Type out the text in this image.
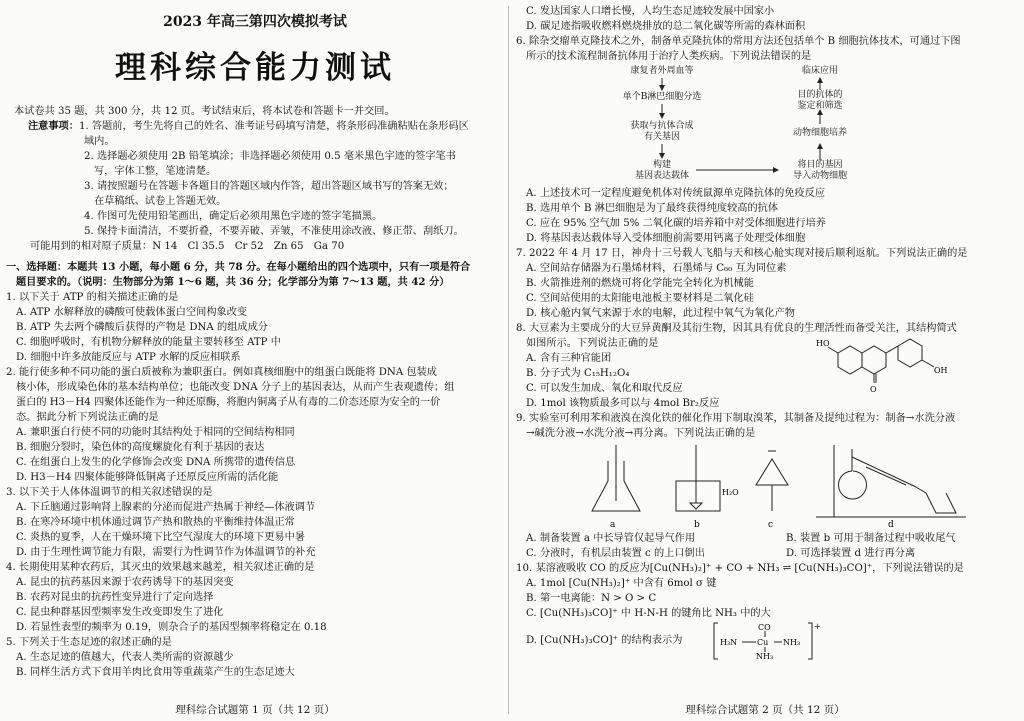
2023 年高三第四次模拟考试
理科综合能力测试
本试卷共 35 题，共 300 分，共 12 页。考试结束后，将本试卷和答题卡一并交回。
注意事项：1. 答题前，考生先将自己的姓名、准考证号码填写清楚，将条形码准确粘贴在条形码区
域内。
2. 选择题必须使用 2B 铅笔填涂；非选择题必须使用 0.5 毫米黑色字迹的签字笔书
写，字体工整，笔迹清楚。
3. 请按照题号在答题卡各题目的答题区域内作答，超出答题区域书写的答案无效；
在草稿纸、试卷上答题无效。
4. 作图可先使用铅笔画出，确定后必须用黑色字迹的签字笔描黑。
5. 保持卡面清洁，不要折叠，不要弄破、弄皱，不准使用涂改液、修正带、刮纸刀。
可能用到的相对原子质量：N 14　Cl 35.5　Cr 52　Zn 65　Ga 70
一、选择题：本题共 13 小题，每小题 6 分，共 78 分。在每小题给出的四个选项中，只有一项是符合
题目要求的。（说明：生物部分为第 1～6 题，共 36 分；化学部分为第 7～13 题，共 42 分）
1. 以下关于 ATP 的相关描述正确的是
A. ATP 水解释放的磷酸可使载体蛋白空间构象改变
B. ATP 失去两个磷酸后获得的产物是 DNA 的组成成分
C. 细胞呼吸时，有机物分解释放的能量主要转移至 ATP 中
D. 细胞中许多放能反应与 ATP 水解的反应相联系
2. 能行使多种不同功能的蛋白质被称为兼职蛋白。例如真核细胞中的组蛋白既能将 DNA 包装成
核小体，形成染色体的基本结构单位；也能改变 DNA 分子上的基因表达，从而产生表观遗传；组
蛋白的 H3－H4 四聚体还能作为一种还原酶，将胞内铜离子从有毒的二价态还原为安全的一价
态。据此分析下列说法正确的是
A. 兼职蛋白行使不同的功能时其结构处于相同的空间结构相同
B. 细胞分裂时，染色体的高度螺旋化有利于基因的表达
C. 在组蛋白上发生的化学修饰会改变 DNA 所携带的遗传信息
D. H3－H4 四聚体能够降低铜离子还原反应所需的活化能
3. 以下关于人体体温调节的相关叙述错误的是
A. 下丘脑通过影响肾上腺素的分泌而促进产热属于神经—体液调节
B. 在寒冷环境中机体通过调节产热和散热的平衡维持体温正常
C. 炎热的夏季，人在干燥环境下比空气湿度大的环境下更易中暑
D. 由于生理性调节能力有限，需要行为性调节作为体温调节的补充
4. 长期使用某种农药后，其灭虫的效果越来越差，相关叙述正确的是
A. 昆虫的抗药基因来源于农药诱导下的基因突变
B. 农药对昆虫的抗药性变异进行了定向选择
C. 昆虫种群基因型频率发生改变即发生了进化
D. 若显性表型的频率为 0.19，则杂合子的基因型频率将稳定在 0.18
5. 下列关于生态足迹的叙述正确的是
A. 生态足迹的值越大，代表人类所需的资源越少
B. 同样生活方式下食用羊肉比食用等重蔬菜产生的生态足迹大
理科综合试题第 1 页（共 12 页）
C. 发达国家人口增长慢，人均生态足迹较发展中国家小
D. 碳足迹指吸收燃料燃烧排放的总二氧化碳等所需的森林面积
6. 除杂交瘤单克隆技术之外，制备单克隆抗体的常用方法还包括单个 B 细胞抗体技术，可通过下图
所示的技术流程制备抗体用于治疗人类疾病。下列说法错误的是
康复者外周血等
单个B淋巴细胞分选
获取与抗体合成
有关基因
构建
基因表达载体
将目的基因
导入动物细胞
动物细胞培养
目的抗体的
鉴定和筛选
临床应用
A. 上述技术可一定程度避免机体对传统鼠源单克隆抗体的免疫反应
B. 选用单个 B 淋巴细胞是为了最终获得纯度较高的抗体
C. 应在 95% 空气加 5% 二氧化碳的培养箱中对受体细胞进行培养
D. 将基因表达载体导入受体细胞前需要用钙离子处理受体细胞
7. 2022 年 4 月 17 日，神舟十三号载人飞船与天和核心舱实现对接后顺利返航。下列说法正确的是
A. 空间站存储器为石墨烯材料，石墨烯与 C₆₀ 互为同位素
B. 火箭推进剂的燃烧可将化学能完全转化为机械能
C. 空间站使用的太阳能电池板主要材料是二氧化硅
D. 核心舱内氧气来源于水的电解，此过程中氧气为氧化产物
8. 大豆素为主要成分的大豆异黄酮及其衍生物，因其具有优良的生理活性而备受关注，其结构简式
如图所示。下列说法正确的是
A. 含有三种官能团
B. 分子式为 C₁₅H₁₂O₄
C. 可以发生加成、氧化和取代反应
D. 1mol 该物质最多可以与 4mol Br₂反应
HO
O
OH
9. 实验室可利用苯和液溴在溴化铁的催化作用下制取溴苯，其制备及提纯过程为：制备→水洗分液
→碱洗分液→水洗分液→再分离。下列说法正确的是
a	b
H₂O
c	d
A. 制备装置 a 中长导管仅起导气作用	B. 装置 b 可用于制备过程中吸收尾气
C. 分液时，有机层由装置 c 的上口倒出	D. 可选择装置 d 进行再分离
10. 某溶液吸收 CO 的反应为[Cu(NH₃)₂]⁺ + CO + NH₃ ⇌ [Cu(NH₃)₃CO]⁺，下列说法错误的是
A. 1mol [Cu(NH₃)₂]⁺ 中含有 6mol σ 键
B. 第一电离能：N > O > C
C. [Cu(NH₃)₃CO]⁺ 中 H-N-H 的键角比 NH₃ 中的大
D. [Cu(NH₃)₃CO]⁺ 的结构表示为
CO
H₃N Cu NH₃
NH₃
+
理科综合试题第 2 页（共 12 页）
